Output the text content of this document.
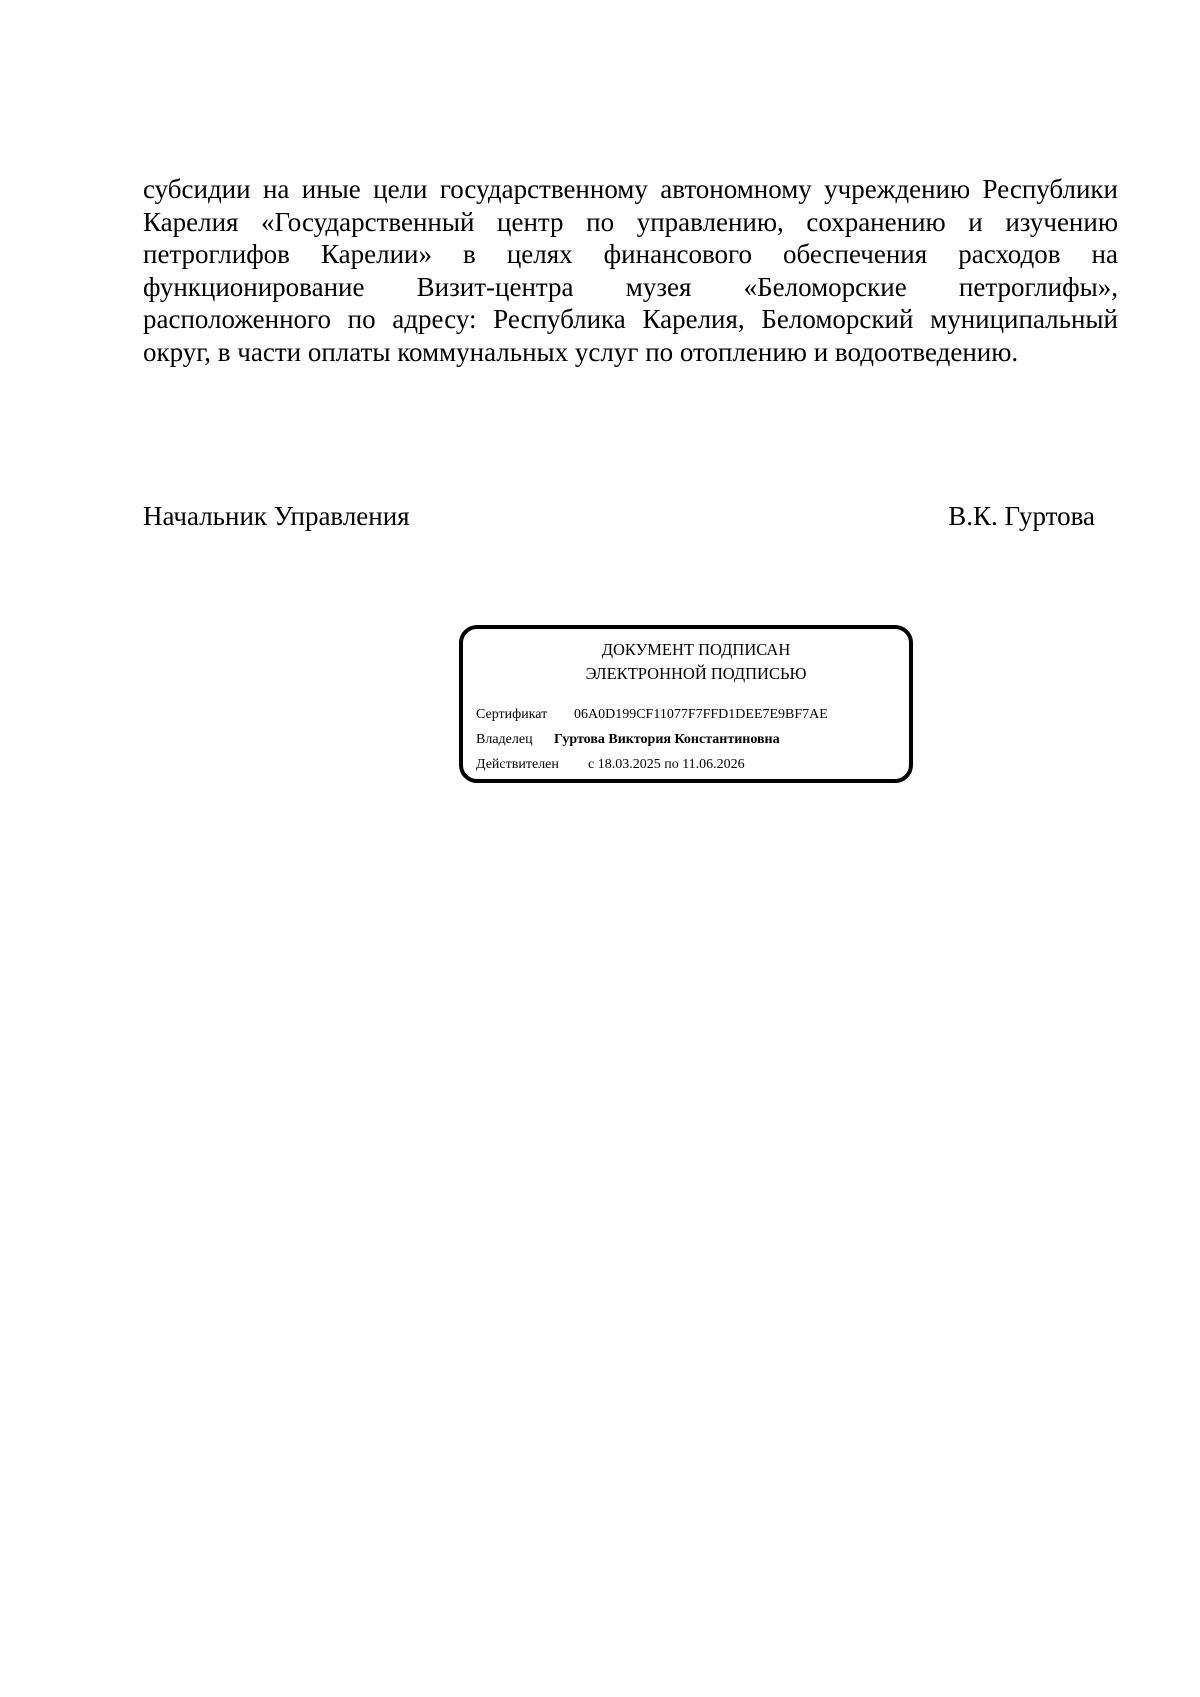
субсидии на иные цели государственному автономному учреждению Республики Карелия «Государственный центр по управлению, сохранению и изучению петроглифов Карелии» в целях финансового обеспечения расходов на функционирование Визит-центра музея «Беломорские петроглифы», расположенного по адресу: Республика Карелия, Беломорский муниципальный округ, в части оплаты коммунальных услуг по отоплению и водоотведению.

Начальник Управления	В.К. Гуртова
ДОКУМЕНТ ПОДПИСАН
ЭЛЕКТРОННОЙ ПОДПИСЬЮ
Сертификат 06A0D199CF11077F7FFD1DEE7E9BF7AE
Владелец Гуртова Виктория Константиновна
Действителен с 18.03.2025 по 11.06.2026
